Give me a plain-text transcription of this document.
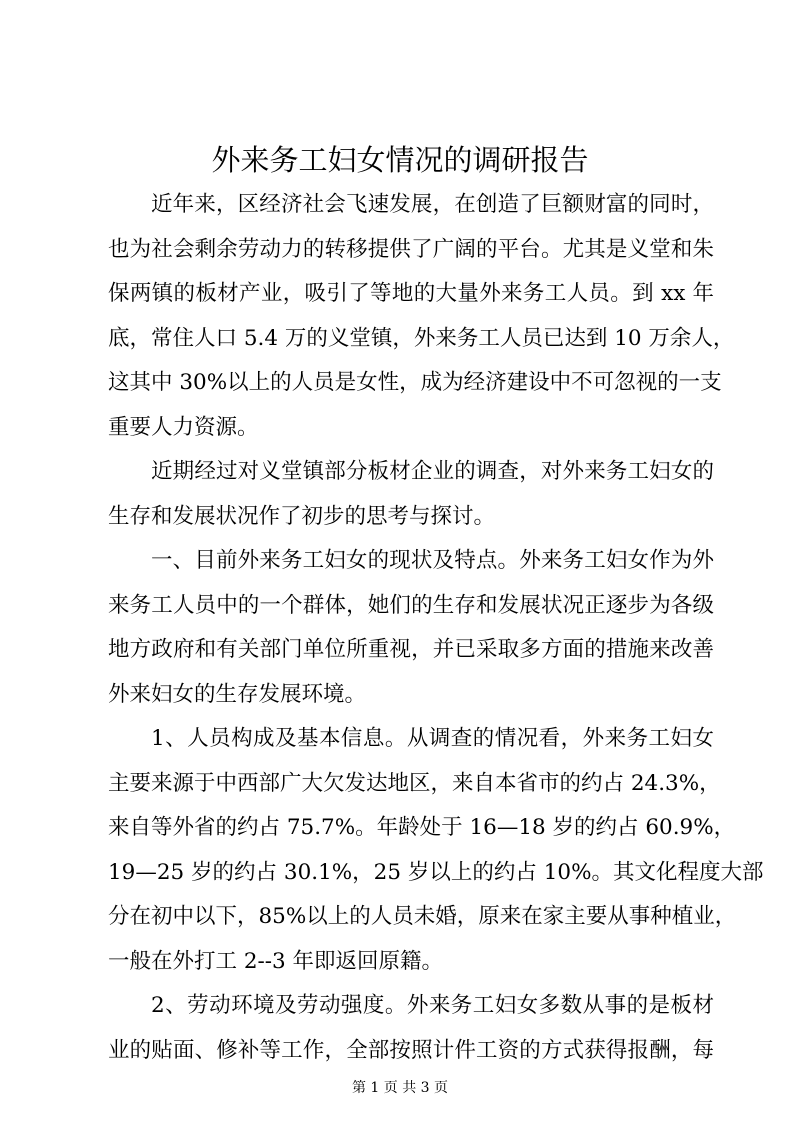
外来务工妇女情况的调研报告
近年来，区经济社会飞速发展，在创造了巨额财富的同时，
也为社会剩余劳动力的转移提供了广阔的平台。尤其是义堂和朱
保两镇的板材产业，吸引了等地的大量外来务工人员。到 xx 年
底，常住人口 5.4 万的义堂镇，外来务工人员已达到 10 万余人，
这其中 30%以上的人员是女性，成为经济建设中不可忽视的一支
重要人力资源。
近期经过对义堂镇部分板材企业的调查，对外来务工妇女的
生存和发展状况作了初步的思考与探讨。
一、目前外来务工妇女的现状及特点。外来务工妇女作为外
来务工人员中的一个群体，她们的生存和发展状况正逐步为各级
地方政府和有关部门单位所重视，并已采取多方面的措施来改善
外来妇女的生存发展环境。
1、人员构成及基本信息。从调查的情况看，外来务工妇女
主要来源于中西部广大欠发达地区，来自本省市的约占 24.3%，
来自等外省的约占 75.7%。年龄处于 16—18 岁的约占 60.9%，
19—25 岁的约占 30.1%，25 岁以上的约占 10%。其文化程度大部
分在初中以下，85%以上的人员未婚，原来在家主要从事种植业，
一般在外打工 2--3 年即返回原籍。
2、劳动环境及劳动强度。外来务工妇女多数从事的是板材
业的贴面、修补等工作，全部按照计件工资的方式获得报酬，每
第 1 页 共 3 页
